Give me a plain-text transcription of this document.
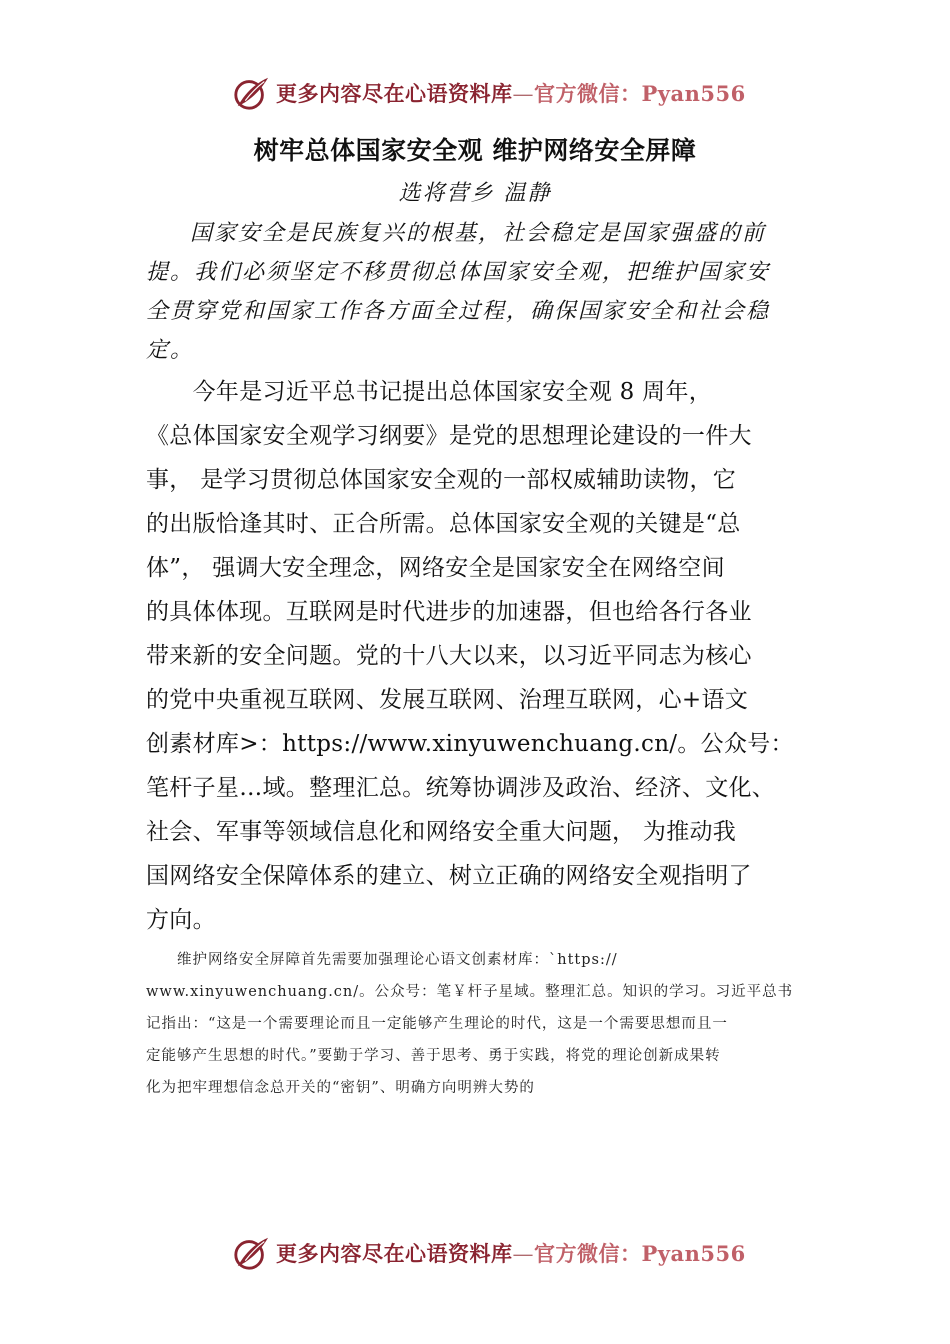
更多内容尽在心语资料库—官方微信：Pyan556
树牢总体国家安全观 维护网络安全屏障
选将营乡 温静
国家安全是民族复兴的根基，社会稳定是国家强盛的前
提。我们必须坚定不移贯彻总体国家安全观，把维护国家安
全贯穿党和国家工作各方面全过程，确保国家安全和社会稳
定。
　　今年是习近平总书记提出总体国家安全观 8 周年，
《总体国家安全观学习纲要》是党的思想理论建设的一件大
事， 是学习贯彻总体国家安全观的一部权威辅助读物，它
的出版恰逢其时、正合所需。总体国家安全观的关键是“总
体”， 强调大安全理念，网络安全是国家安全在网络空间
的具体体现。互联网是时代进步的加速器，但也给各行各业
带来新的安全问题。党的十八大以来，以习近平同志为核心
的党中央重视互联网、发展互联网、治理互联网，心+语文
创素材库>：https://www.xinyuwenchuang.cn/。公众号：
笔杆子星…域。整理汇总。统筹协调涉及政治、经济、文化、
社会、军事等领域信息化和网络安全重大问题， 为推动我
国网络安全保障体系的建立、树立正确的网络安全观指明了
方向。
　　维护网络安全屏障首先需要加强理论心语文创素材库：`https://
www.xinyuwenchuang.cn/。公众号：笔￥杆子星域。整理汇总。知识的学习。习近平总书
记指出：“这是一个需要理论而且一定能够产生理论的时代，这是一个需要思想而且一
定能够产生思想的时代。”要勤于学习、善于思考、勇于实践，将党的理论创新成果转
化为把牢理想信念总开关的“密钥”、明确方向明辨大势的
更多内容尽在心语资料库—官方微信：Pyan556
